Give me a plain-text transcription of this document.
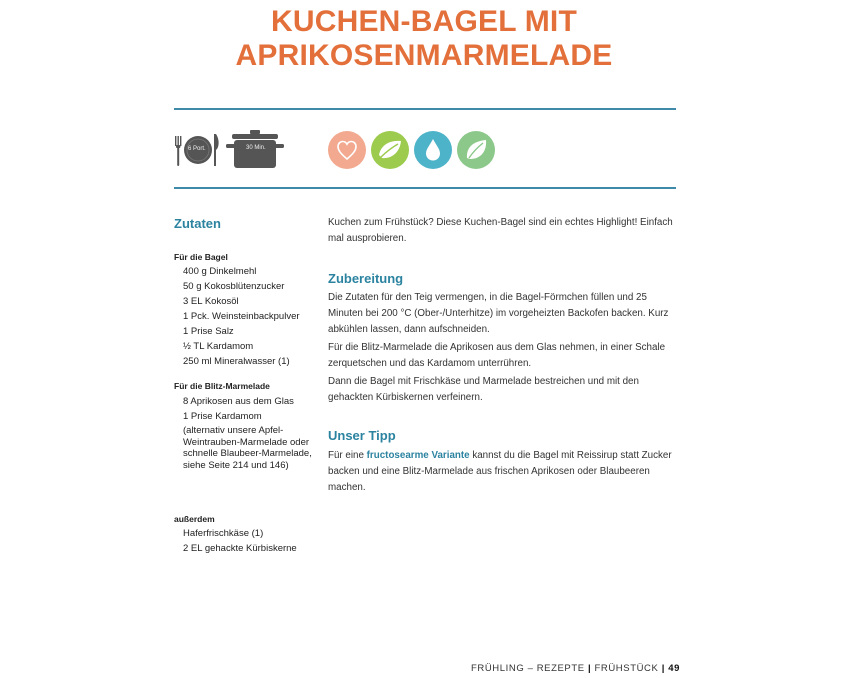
KUCHEN-BAGEL MIT
APRIKOSENMARMELADE
6 Port.	30 Min.
Zutaten

Für die Bagel

400 g Dinkelmehl
50 g Kokosblütenzucker
3 EL Kokosöl
1 Pck. Weinsteinbackpulver
1 Prise Salz
½ TL Kardamom
250 ml Mineralwasser (1)

Für die Blitz-Marmelade

8 Aprikosen aus dem Glas
1 Prise Kardamom

(alternativ unsere Apfel-Weintrauben-Marmelade oder schnelle Blaubeer-Marmelade, siehe Seite 214 und 146)

außerdem

Haferfrischkäse (1)
2 EL gehackte Kürbiskerne

Kuchen zum Frühstück? Diese Kuchen-Bagel sind ein echtes Highlight! Einfach mal ausprobieren.

Zubereitung

Die Zutaten für den Teig vermengen, in die Bagel-Förmchen füllen und 25 Minuten bei 200 °C (Ober-/Unterhitze) im vorgeheizten Backofen backen. Kurz abkühlen lassen, dann aufschneiden.

Für die Blitz-Marmelade die Aprikosen aus dem Glas nehmen, in einer Schale zerquetschen und das Kardamom unterrühren.

Dann die Bagel mit Frischkäse und Marmelade bestreichen und mit den gehackten Kürbiskernen verfeinern.

Unser Tipp

Für eine fructosearme Variante kannst du die Bagel mit Reissirup statt Zucker backen und eine Blitz-Marmelade aus frischen Aprikosen oder Blaubeeren machen.

FRÜHLING – REZEPTE | FRÜHSTÜCK | 49
